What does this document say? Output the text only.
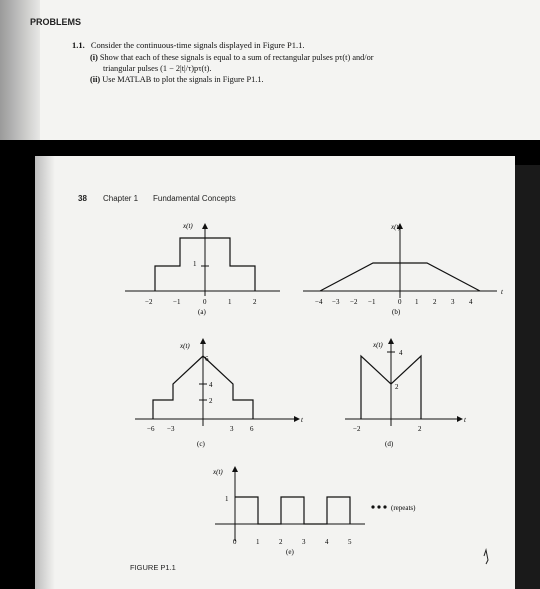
PROBLEMS
1.1. Consider the continuous-time signals displayed in Figure P1.1.
(i) Show that each of these signals is equal to a sum of rectangular pulses pτ(t) and/or
triangular pulses (1 − 2|t|/τ)pτ(t).
(ii) Use MATLAB to plot the signals in Figure P1.1.
38 Chapter 1 Fundamental Concepts
1
x(t)
−2	−1	0	1	2
(a)
x(t)
t
−4 −3 −2 −1	0 1 2 3 4
(b)
x(t)
6
4
2
−6 −3	3 6
t
(c)
x(t)
4
2
−2	2
t
(d)
x(t)
1
0	1	2	3	4	5
(repeats)
(e)
FIGURE P1.1
